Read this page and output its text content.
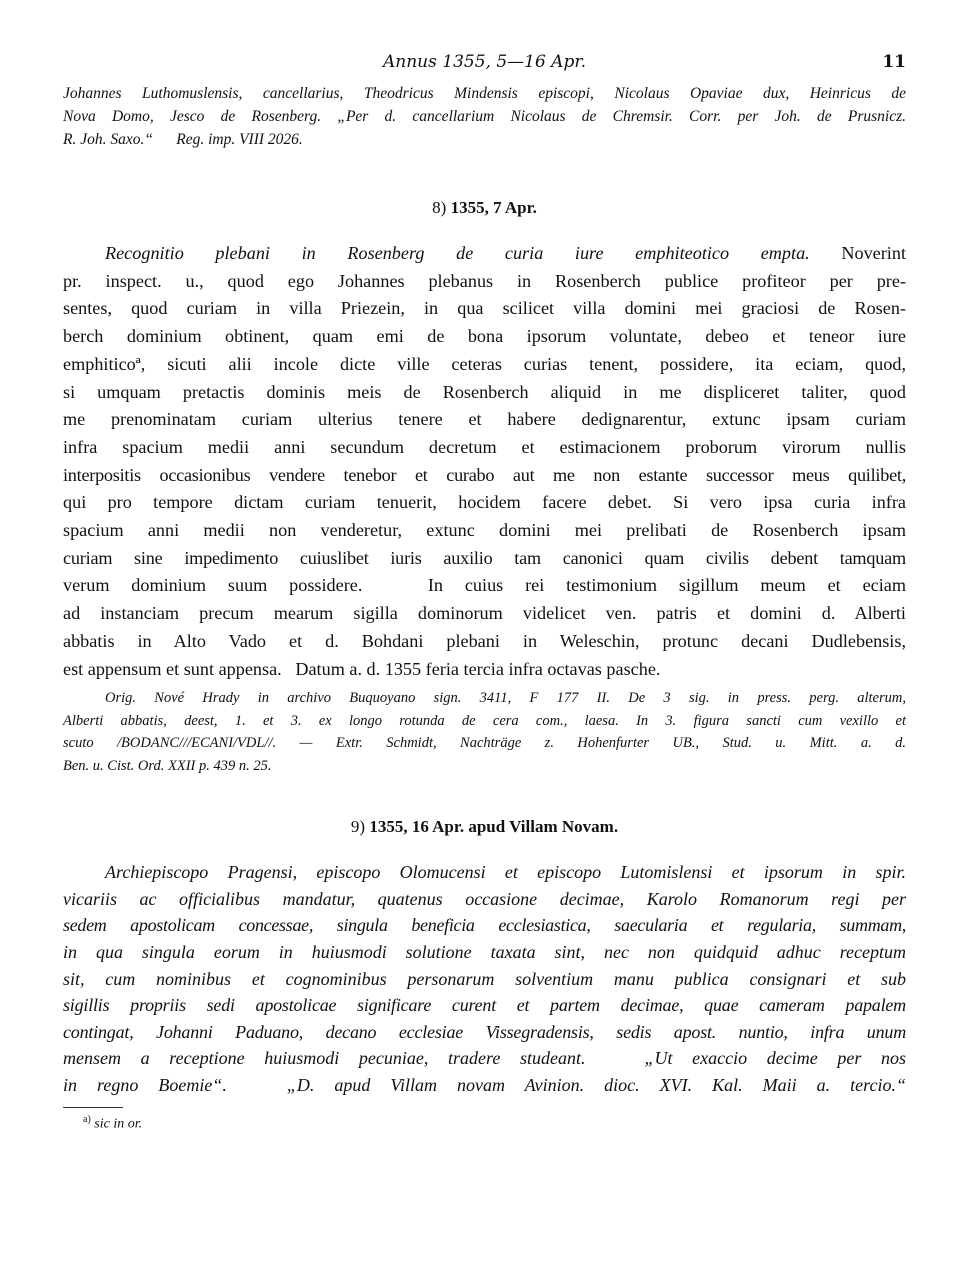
Annus 1355, 5—16 Apr.	11
Johannes Luthomuslensis, cancellarius, Theodricus Mindensis episcopi, Nicolaus Opaviae dux, Heinricus de
Nova Domo, Jesco de Rosenberg. „Per d. cancellarium Nicolaus de Chremsir. Corr. per Joh. de Prusnicz.
R. Joh. Saxo.“      Reg. imp. VIII 2026.
8) 1355, 7 Apr.
Recognitio plebani in Rosenberg de curia iure emphiteotico empta. Noverint
pr. inspect. u., quod ego Johannes plebanus in Rosenberch publice profiteor per pre-
sentes, quod curiam in villa Priezein, in qua scilicet villa domini mei graciosi de Rosen-
berch dominium obtinent, quam emi de bona ipsorum voluntate, debeo et teneor iure
emphiticoª, sicuti alii incole dicte ville ceteras curias tenent, possidere, ita eciam, quod,
si umquam pretactis dominis meis de Rosenberch aliquid in me displiceret taliter, quod
me prenominatam curiam ulterius tenere et habere dedignarentur, extunc ipsam curiam
infra spacium medii anni secundum decretum et estimacionem proborum virorum nullis
interpositis occasionibus vendere tenebor et curabo aut me non estante successor meus quilibet,
qui pro tempore dictam curiam tenuerit, hocidem facere debet. Si vero ipsa curia infra
spacium anni medii non venderetur, extunc domini mei prelibati de Rosenberch ipsam
curiam sine impedimento cuiuslibet iuris auxilio tam canonici quam civilis debent tamquam
verum dominium suum possidere.   In cuius rei testimonium sigillum meum et eciam
ad instanciam precum mearum sigilla dominorum videlicet ven. patris et domini d. Alberti
abbatis in Alto Vado et d. Bohdani plebani in Weleschin, protunc decani Dudlebensis,
est appensum et sunt appensa.   Datum a. d. 1355 feria tercia infra octavas pasche.
Orig. Nové Hrady in archivo Buquoyano sign. 3411, F 177 II. De 3 sig. in press. perg. alterum,
Alberti abbatis, deest, 1. et 3. ex longo rotunda de cera com., laesa. In 3. figura sancti cum vexillo et
scuto /BODANC///ECANI/VDL//. — Extr. Schmidt, Nachträge z. Hohenfurter UB., Stud. u. Mitt. a. d.
Ben. u. Cist. Ord. XXII p. 439 n. 25.
9) 1355, 16 Apr. apud Villam Novam.
Archiepiscopo Pragensi, episcopo Olomucensi et episcopo Lutomislensi et ipsorum in spir.
vicariis ac officialibus mandatur, quatenus occasione decimae, Karolo Romanorum regi per
sedem apostolicam concessae, singula beneficia ecclesiastica, saecularia et regularia, summam,
in qua singula eorum in huiusmodi solutione taxata sint, nec non quidquid adhuc receptum
sit, cum nominibus et cognominibus personarum solventium manu publica consignari et sub
sigillis propriis sedi apostolicae significare curent et partem decimae, quae cameram papalem
contingat, Johanni Paduano, decano ecclesiae Vissegradensis, sedis apost. nuntio, infra unum
mensem a receptione huiusmodi pecuniae, tradere studeant.   „Ut exaccio decime per nos
in regno Boemie“.   „D. apud Villam novam Avinion. dioc. XVI. Kal. Maii a. tercio.“

$^{a)}$ sic in or.
